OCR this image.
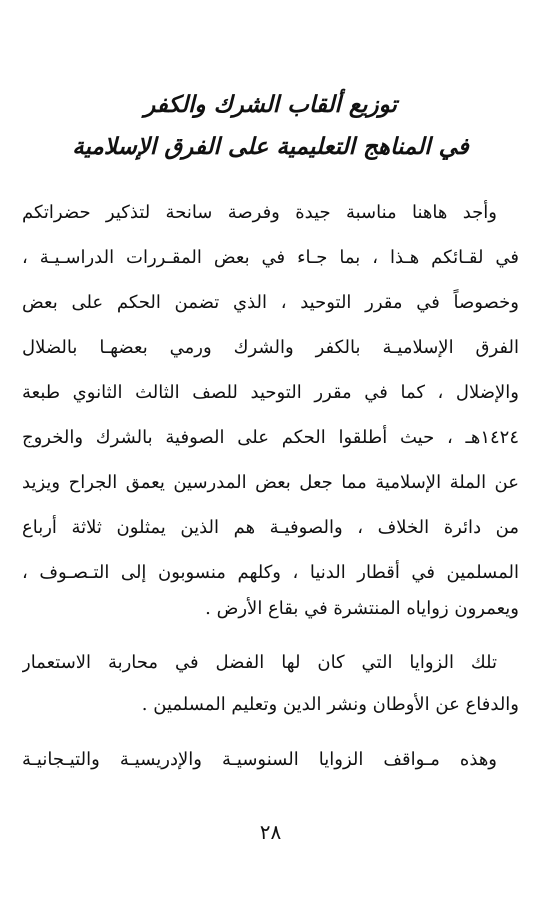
توزيع ألقاب الشرك والكفر
في المناهج التعليمية على الفرق الإسلامية
وأجد هاهنا مناسبة جيدة وفرصة سانحة لتذكير حضراتكم
في لقـائكم هـذا ، بما جـاء في بعض المقـررات الدراسـيـة ،
وخصوصاً في مقرر التوحيد ، الذي تضمن الحكم على بعض
الفرق الإسلاميـة بالكفر والشرك ورمي بعضهـا بالضلال
والإضلال ، كما في مقرر التوحيد للصف الثالث الثانوي طبعة
١٤٢٤هـ ، حيث أطلقوا الحكم على الصوفية بالشرك والخروج
عن الملة الإسلامية مما جعل بعض المدرسين يعمق الجراح ويزيد
من دائرة الخلاف ، والصوفيـة هم الذين يمثلون ثلاثة أرباع
المسلمين في أقطار الدنيا ، وكلهم منسوبون إلى التـصـوف ،
ويعمرون زواياه المنتشرة في بقاع الأرض .
تلك الزوايا التي كان لها الفضل في محاربة الاستعمار
والدفاع عن الأوطان ونشر الدين وتعليم المسلمين .
وهذه مـواقف الزوايا السنوسيـة والإدريسيـة والتيـجانيـة
٢٨
